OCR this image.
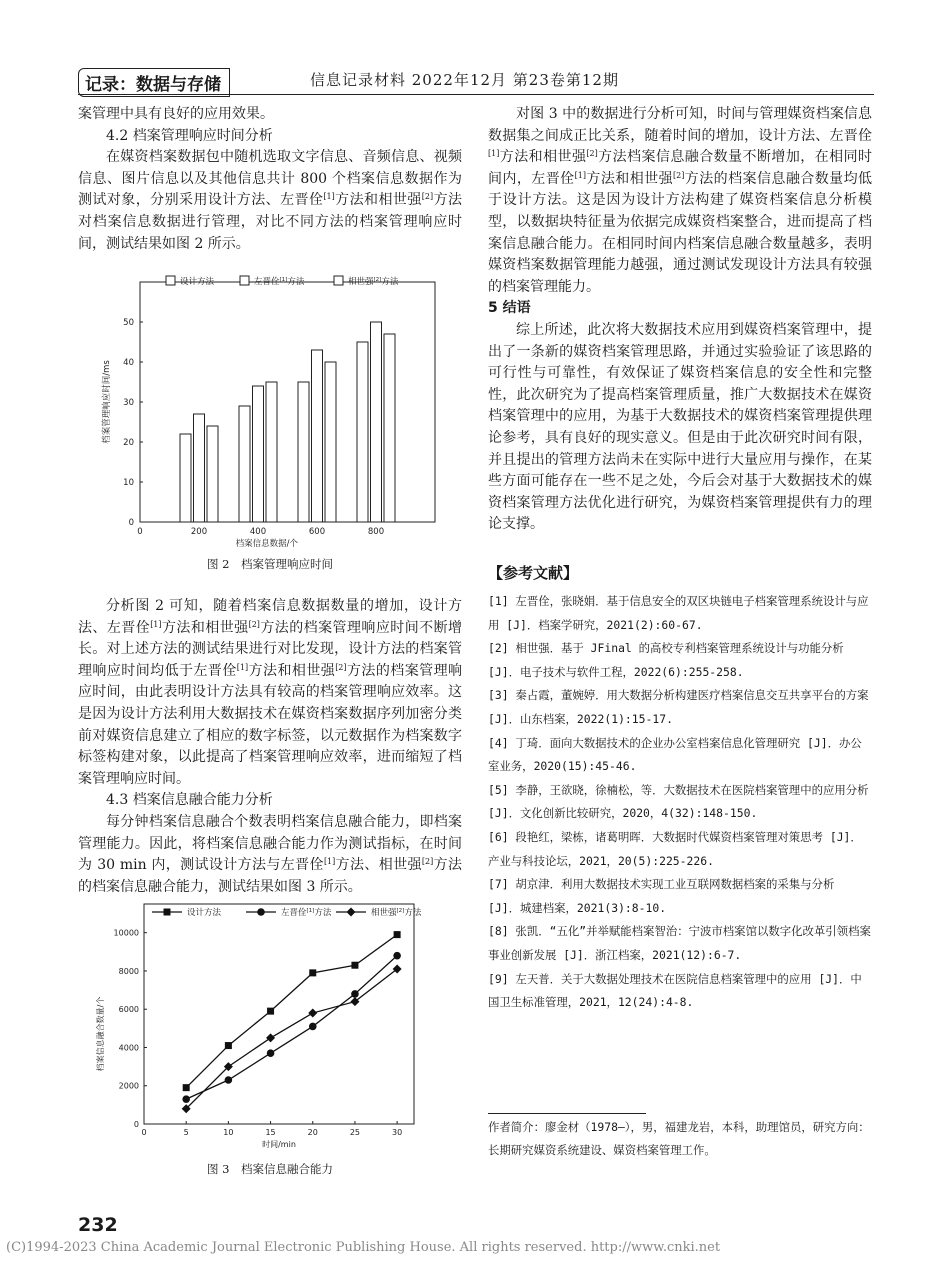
记录：数据与存储	信息记录材料 2022年12月 第23卷第12期

案管理中具有良好的应用效果。

4.2 档案管理响应时间分析

在媒资档案数据包中随机选取文字信息、音频信息、视频信息、图片信息以及其他信息共计 800 个档案信息数据作为测试对象，分别采用设计方法、左晋佺[1]方法和相世强[2]方法对档案信息数据进行管理，对比不同方法的档案管理响应时间，测试结果如图 2 所示。

0
10
20
30
40
50
0	200	400	600	800
档案信息数据/个
档案管理响应时间/ms
设计方法	左晋佺[1]方法	相世强[2]方法
图 2　档案管理响应时间

分析图 2 可知，随着档案信息数据数量的增加，设计方法、左晋佺[1]方法和相世强[2]方法的档案管理响应时间不断增长。对上述方法的测试结果进行对比发现，设计方法的档案管理响应时间均低于左晋佺[1]方法和相世强[2]方法的档案管理响应时间，由此表明设计方法具有较高的档案管理响应效率。这是因为设计方法利用大数据技术在媒资档案数据序列加密分类前对媒资信息建立了相应的数字标签，以元数据作为档案数字标签构建对象，以此提高了档案管理响应效率，进而缩短了档案管理响应时间。

4.3 档案信息融合能力分析

每分钟档案信息融合个数表明档案信息融合能力，即档案管理能力。因此，将档案信息融合能力作为测试指标，在时间为 30 min 内，测试设计方法与左晋佺[1]方法、相世强[2]方法的档案信息融合能力，测试结果如图 3 所示。

0
2000
4000
6000
8000
10000
0	5	10	15	20	25	30
时间/min
档案信息融合数量/个
设计方法	左晋佺[1]方法	相世强[2]方法
图 3　档案信息融合能力

对图 3 中的数据进行分析可知，时间与管理媒资档案信息数据集之间成正比关系，随着时间的增加，设计方法、左晋佺[1]方法和相世强[2]方法档案信息融合数量不断增加，在相同时间内，左晋佺[1]方法和相世强[2]方法的档案信息融合数量均低于设计方法。这是因为设计方法构建了媒资档案信息分析模型，以数据块特征量为依据完成媒资档案整合，进而提高了档案信息融合能力。在相同时间内档案信息融合数量越多，表明媒资档案数据管理能力越强，通过测试发现设计方法具有较强的档案管理能力。

5 结语

综上所述，此次将大数据技术应用到媒资档案管理中，提出了一条新的媒资档案管理思路，并通过实验验证了该思路的可行性与可靠性，有效保证了媒资档案信息的安全性和完整性，此次研究为了提高档案管理质量，推广大数据技术在媒资档案管理中的应用，为基于大数据技术的媒资档案管理提供理论参考，具有良好的现实意义。但是由于此次研究时间有限，并且提出的管理方法尚未在实际中进行大量应用与操作，在某些方面可能存在一些不足之处，今后会对基于大数据技术的媒资档案管理方法优化进行研究，为媒资档案管理提供有力的理论支撑。

【参考文献】

[1] 左晋佺，张晓娟．基于信息安全的双区块链电子档案管理系统设计与应用 [J]．档案学研究，2021(2):60-67.

[2] 相世强．基于 JFinal 的高校专利档案管理系统设计与功能分析 [J]．电子技术与软件工程，2022(6):255-258.

[3] 秦占霞，董婉婷．用大数据分析构建医疗档案信息交互共享平台的方案 [J]．山东档案，2022(1):15-17.

[4] 丁琦．面向大数据技术的企业办公室档案信息化管理研究 [J]．办公室业务，2020(15):45-46.

[5] 李静，王欲晓，徐楠松，等．大数据技术在医院档案管理中的应用分析 [J]．文化创新比较研究，2020，4(32):148-150.

[6] 段艳红，梁栋，诸葛明晖．大数据时代媒资档案管理对策思考 [J]．产业与科技论坛，2021，20(5):225-226.

[7] 胡京津．利用大数据技术实现工业互联网数据档案的采集与分析 [J]．城建档案，2021(3):8-10.

[8] 张凯．“五化”并举赋能档案智治：宁波市档案馆以数字化改革引领档案事业创新发展 [J]．浙江档案，2021(12):6-7.

[9] 左天普．关于大数据处理技术在医院信息档案管理中的应用 [J]．中国卫生标准管理，2021，12(24):4-8.

作者简介：廖金材（1978—），男，福建龙岩，本科，助理馆员，研究方向：长期研究媒资系统建设、媒资档案管理工作。
232
(C)1994-2023 China Academic Journal Electronic Publishing House. All rights reserved. http://www.cnki.net
